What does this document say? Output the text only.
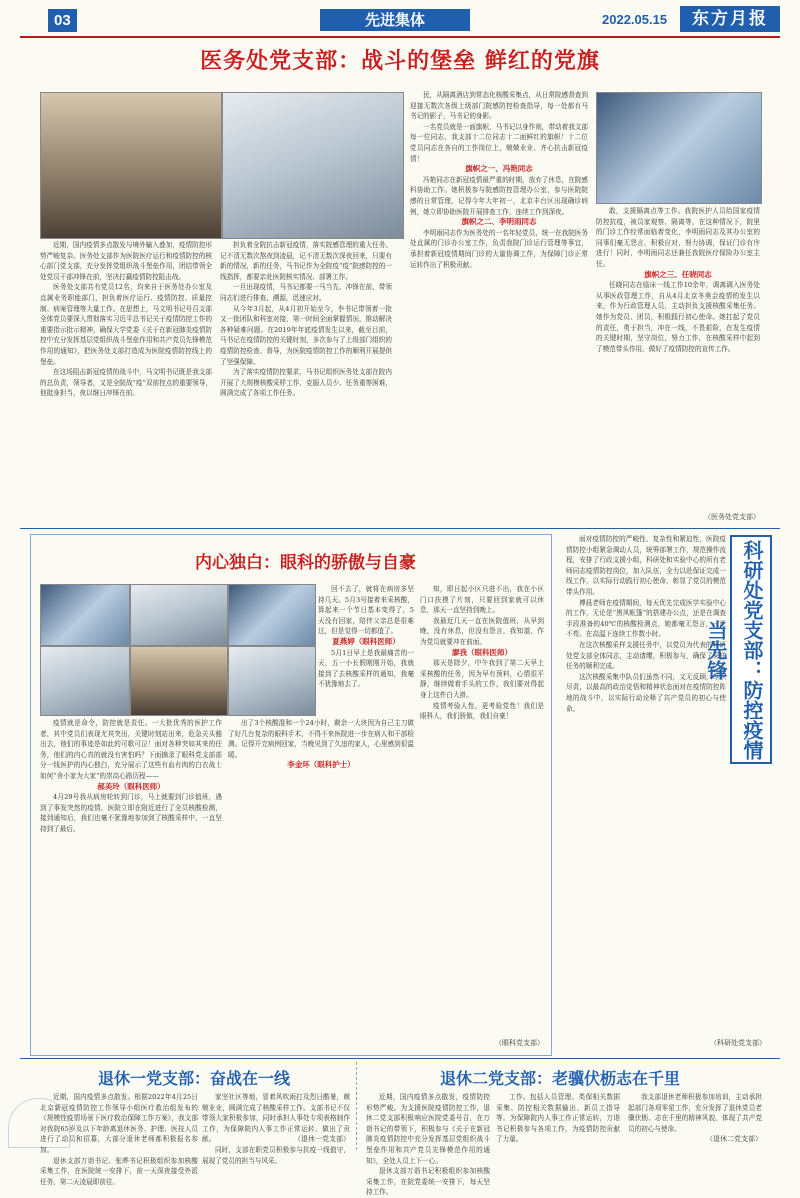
03	先进集体	2022.05.15	东方月报
医务处党支部：战斗的堡垒 鲜红的党旗

近期，国内疫情多点散发与境外输入叠加，疫情防控形势严峻复杂。医务处支部作为医院医疗运行和疫情防控的核心部门党支部，充分发挥党组织战斗堡垒作用，团结带领全处党员干部冲锋在前，坚决打赢疫情防控阻击战。

医务处支部共有党员12名，均来自于医务处办公室及直属业务职能部门，担负着医疗运行、疫情防控、质量控制、病案管理等大量工作。在思想上，马文明书记号召支部全体党员要深入贯彻落实习近平总书记关于疫情防控工作的重要指示批示精神，确保大学党委《关于在新冠肺炎疫情防控中充分发挥基层党组织战斗堡垒作用和共产党员先锋模范作用的通知》，把医务处支部打造成为医院疫情防控线上的堡垒。

在这场阻击新冠疫情的战斗中，马文明书记既是我支部的总负责，领导者，又是全院战“疫”双前控点的重要领导，他挺身担当，夜以继日冲锋在前。

担负着全院抗击新冠疫情，落实院感管理的重大任务。记不清无数次熬夜到凌晨，记不清无数次深夜回来，只要有新的情况，新的任务，马书记作为全院疫“疫”院感防控的一线指挥，都要亲赴医院核实情况、部署工作。

一旦出现疫情，马书记都要一马当先、冲锋在前，带领同志们进行排查、溯源，迅速应对。

从今年3月起，从4月初开始至今，李书记带领着一批又一批团队和科室对接，第一时间全面掌握情况，推动解决各种疑难问题。在2019年年底疫情发生以来，截至目前，马书记在疫情防控的关键时刻，多次参与了上级部门组织的疫情防控检查、督导，为医院疫情防控工作的顺利开展提供了坚强保障。

为了落实疫情防控要求，马书记组织医务处支部在院内开展了大规模核酸采样工作，克服人员少、任务重等困难，圆满完成了各项工作任务。

民，从隔离酒店到常态化核酸采集点，从日常院感督查到迎接无数次各级上级部门院感防控检查指导，每一处都有马书记的影子，马书记的身影。

一名党员就是一面旗帜，马书记以身作则，带动着我支部每一位同志，我支部十二位同志十二面鲜红的旗帜！十二位党员同志在各自的工作岗位上，兢兢业业、齐心抗击新冠疫情！

旗帜之一、冯艳同志

冯艳同志在新冠疫情最严重的时期，放弃了休息，在院感科协助工作。她积极参与院感防控管理办公室，参与医院院感的日常管理，记得今年大年初一，北京丰台区出现确诊病例，她立即协助医院开展排查工作，连续工作到深夜。

旗帜之二、李明雨同志

李明雨同志作为医务处的一名年轻党员，统一在我院医务处直属的门诊办公室工作，负责我院门诊运行管理等事宜，承担着新冠疫情期间门诊的大量协调工作，为保障门诊正常运转作出了积极贡献。

敢，支援隔离点等工作。我院医护人员给国家疫情防控抗疫，被员家观察、隔离等，在这种情况下，院里的门诊工作经常面临着变化，李明雨同志及其办公室的同事们毫无怨言，积极应对，努力协调，保证门诊有序进行！同时，李明雨同志还兼任我院医疗保险办公室主任。

旗帜之三、任晓同志

任晓同志在临床一线工作10余年，调离调入医务处从事医政管理工作，自从4月北京冬奥会疫情的发生以来，作为行政管理人员，主动担负支援核酸采集任务。她作为党员、团员，积极践行初心使命。她扛起了党员的责任，勇于担当，冲在一线，不畏艰险，在发生疫情的关键时期，坚守岗位，努力工作，在核酸采样中起到了模范带头作用，做好了疫情防控的宣传工作。

（医务处党支部）

内心独白：眼科的骄傲与自豪

疫情就是命令，防控就是责任。一大批优秀的医护工作者，其中党员们表现尤其突出，关键时刻站出来，危急关头豁出去，他们的事迹是如此的可歌可泣！面对各种突如其来的任务，他们的内心真的就没有害怕吗？下面摘录了眼科党支部部分一线医护的内心独白，充分展示了这些有血有肉的白衣战士如何“舍小家为大家”的崇高心路历程——

郝美玲（眼科医师）

4月29号我从病房轮转到门诊，马上就要到门诊值班，遇到了事发突然的疫情，医院立即在附近进行了全员核酸检测，接到通知后，我们也毫不犹豫地参加到了核酸采样中，一直坚持到了最后。

出了3个核酸混和一个24小时，剩余一大块因为自己主刀做了好几台复杂的眼科手术，不得不来医院进一步在病人和干部检测。记得开完病例回家，当晚见到了久违的家人，心里感到很温暖。

李金环（眼科护士）

回不去了，就将在病房多坚持几天。5月3号接着来采核酸，算起来一个节日基本变得了，5天没有回家，陪伴父亲总是很难过，但是觉得一切都值了。

夏燕婷（眼科医师）

5月1日早上是我最痛苦的一天，五一小长假刚刚开始，我就接到了去核酸采样的通知，我毫不犹豫地去了。

知，即日起小区只进不出，我在小区门口扶摸了片刻，只要回到家就可以休息，那天一直坚持到晚上。

我最近几天一直在医院值班，从早到晚，没有休息，但没有怨言，我知道，作为党员就要冲在前面。

廖我（眼科医师）

那天是除夕，中午我到了第二天早上采核酸的任务，因为早有预料，心情很平静，继续做着手头的工作，我们要对得起身上这件白大褂。

疫情考验人性，更考验党性！我们是眼科人，我们骄傲，我们自豪！

（眼科党支部）

面对疫情防控的严峻性、复杂性和紧迫性，医院疫情防控小组紧急调动人员，统筹部署工作，规范操作流程，安排了行政支援小组，科研处和实验中心的所有老师同志疫情防控岗位，加入队伍，全力以赴保证完成一线工作，以实际行动践行初心使命，彰显了党员的模范带头作用。

傅晨老师在疫情期间，每天优先完成医学实验中心的工作，无论是“黑风帐篷”的搭建办公点，还是在调查手段准备的40℃的核酸检测点，她都毫无怨言，一丝不苟。在高温下连续工作数小时。

在这次核酸采样支援任务中，以党员为代表的科研处党支部全体同志，主动请缨，积极参与，确保了采样任务的顺利完成。

这次核酸采集中队员们虽然不同，又无反顾，尽职尽责，以最高的政治觉悟和精神状态面对在疫情防控阵地的战斗中，以实际行动诠释了共产党员的初心与使命。	科研处党支部：防控疫情当先锋

（科研处党支部）

退休一党支部：奋战在一线

近期，国内疫情多点散发。根据2022年4月25日北京新冠疫情防控工作领导小组医疗救治组发布的《规模性疫情场景下医疗救治保障工作方案》，我支部对我院65岁及以下年龄离退休医务、护理、医技人员进行了动员和招募，大部分退休老师都积极报名参加。

退休支部万诣书记、张晔书记积极组织参加核酸采集工作，在医院统一安排下，前一天深夜接受外派任务，第二天凌晨即前往。

家坚社区等地，冒着风吹雨打及烈日酷暑，兢兢业业，圆满完成了核酸采样工作。支部书记不仅带领大家积极参加，同时承担人事处专项表格制作工作，为保障院内人事工作正常运转，做出了贡献。

同时，支部在职党员积极参与抗疫一线值守，展现了党员的担当与风采。

（退休一党支部）

退休二党支部：老骥伏枥志在千里

近期，国内疫情多点散发，疫情防控形势严峻。为支援医院疫情防控工作，退休二党支部积极响应医院党委号召，在万诣书记的带领下，积极参与《关于在新冠肺炎疫情防控中充分发挥基层党组织战斗堡垒作用和共产党员先锋模范作用的通知》，全处人员上下一心。

退休支部万诣书记积极组织参加核酸采集工作，在院党委统一安排下，每天坚持工作。

工作。包括人员管理、类保相关数据采集、防控相关数据输出、新员工指导等。为保障院内人事工作正常运转，万诣书记积极参与各项工作，为疫情防控贡献了力量。

我支部退休老师积极参加培训，主动承担起部门各项零星工作，充分发挥了退休党员老骥伏枥、志在千里的精神风貌，体现了共产党员的初心与使命。

（退休二党支部）
